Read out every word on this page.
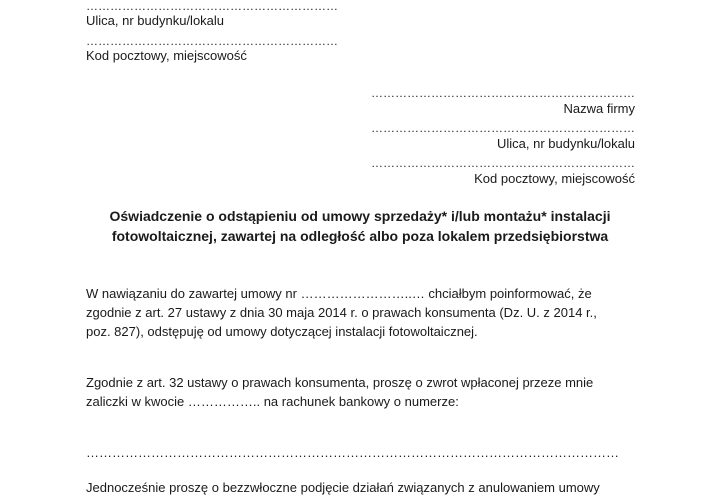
………………………………………………………
Ulica, nr budynku/lokalu
………………………………………………………
Kod pocztowy, miejscowość
…………………………………………………………
Nazwa firmy
…………………………………………………………
Ulica, nr budynku/lokalu
…………………………………………………………
Kod pocztowy, miejscowość
Oświadczenie o odstąpieniu od umowy sprzedaży* i/lub montażu* instalacji
fotowoltaicznej, zawartej na odległość albo poza lokalem przedsiębiorstwa
W nawiązaniu do zawartej umowy nr ……………………..… chciałbym poinformować, że
zgodnie z art. 27 ustawy z dnia 30 maja 2014 r. o prawach konsumenta (Dz. U. z 2014 r.,
poz. 827), odstępuję od umowy dotyczącej instalacji fotowoltaicznej.
Zgodnie z art. 32 ustawy o prawach konsumenta, proszę o zwrot wpłaconej przeze mnie
zaliczki w kwocie …………….. na rachunek bankowy o numerze:
……………………………………………………………………………………………………………
Jednocześnie proszę o bezzwłoczne podjęcie działań związanych z anulowaniem umowy
